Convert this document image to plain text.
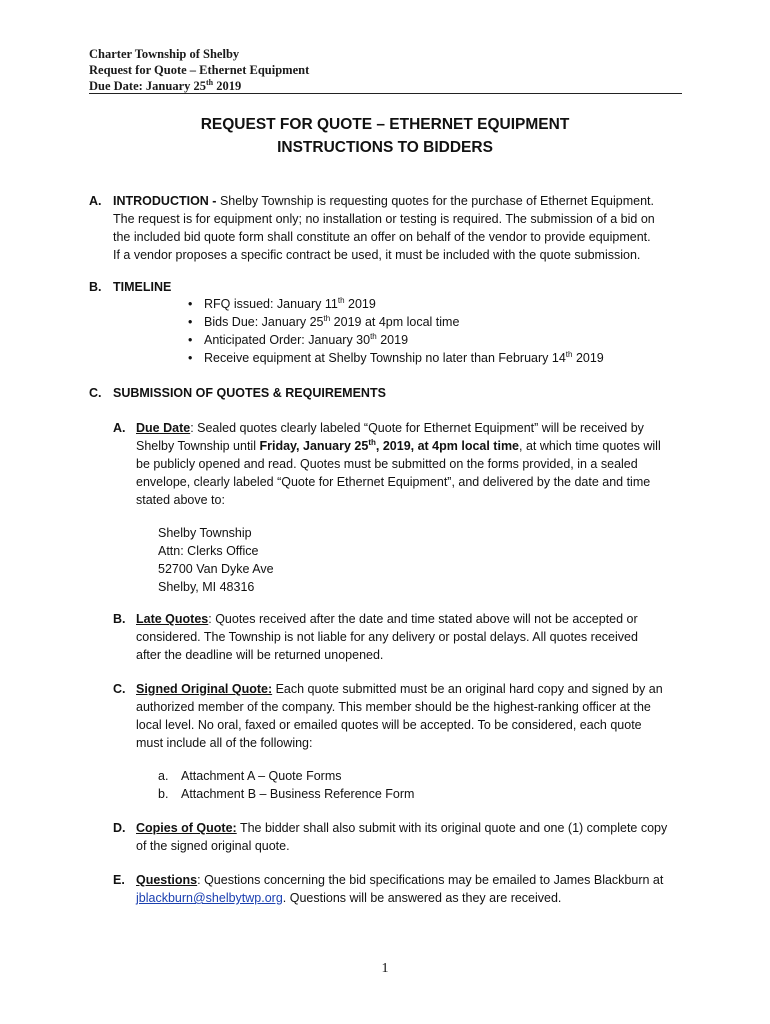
Charter Township of Shelby
Request for Quote – Ethernet Equipment
Due Date: January 25th 2019
REQUEST FOR QUOTE – ETHERNET EQUIPMENT
INSTRUCTIONS TO BIDDERS
A. INTRODUCTION - Shelby Township is requesting quotes for the purchase of Ethernet Equipment.
The request is for equipment only; no installation or testing is required. The submission of a bid on
the included bid quote form shall constitute an offer on behalf of the vendor to provide equipment.
If a vendor proposes a specific contract be used, it must be included with the quote submission.
B. TIMELINE
• RFQ issued: January 11th 2019
• Bids Due: January 25th 2019 at 4pm local time
• Anticipated Order: January 30th 2019
• Receive equipment at Shelby Township no later than February 14th 2019
C. SUBMISSION OF QUOTES & REQUIREMENTS
A. Due Date: Sealed quotes clearly labeled “Quote for Ethernet Equipment” will be received by
Shelby Township until Friday, January 25th, 2019, at 4pm local time, at which time quotes will
be publicly opened and read. Quotes must be submitted on the forms provided, in a sealed
envelope, clearly labeled “Quote for Ethernet Equipment”, and delivered by the date and time
stated above to:
Shelby Township
Attn: Clerks Office
52700 Van Dyke Ave
Shelby, MI 48316
B. Late Quotes: Quotes received after the date and time stated above will not be accepted or
considered. The Township is not liable for any delivery or postal delays. All quotes received
after the deadline will be returned unopened.
C. Signed Original Quote: Each quote submitted must be an original hard copy and signed by an
authorized member of the company. This member should be the highest-ranking officer at the
local level. No oral, faxed or emailed quotes will be accepted. To be considered, each quote
must include all of the following:
a. Attachment A – Quote Forms
b. Attachment B – Business Reference Form
D. Copies of Quote: The bidder shall also submit with its original quote and one (1) complete copy
of the signed original quote.
E. Questions: Questions concerning the bid specifications may be emailed to James Blackburn at
jblackburn@shelbytwp.org. Questions will be answered as they are received.
1
